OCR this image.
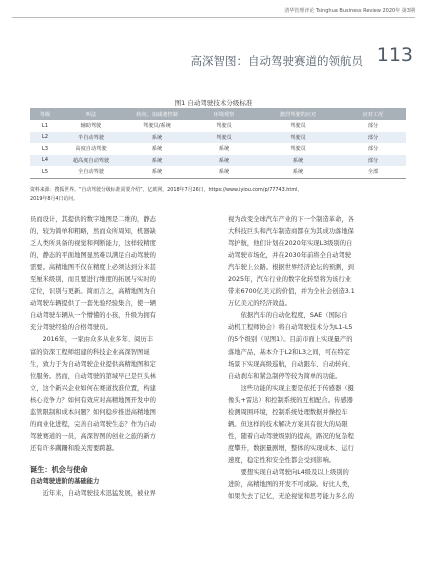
清华管理评论 Tsinghua Business Review 2020年 第3期
高深智图：自动驾驶赛道的领航员 113
图1 自动驾驶技术分级标准
等级	叫法	转向、加减速控制	环境观察	激烈驾驶的应对	应对工况
L1	辅助驾驶	驾驶员/系统	驾驶员	驾驶员	部分
L2	半自动驾驶	系统	驾驶员	驾驶员	部分
L3	高度自动驾驶	系统	系统	驾驶员	部分
L4	超高度自动驾驶	系统	系统	系统	部分
L5	全自动驾驶	系统	系统	系统	全部
资料来源：搜狐世界。“自动驾驶分级标准需要介绍”，亿欧网，2018年7月26日，https://www.iyiou.com/p/77743.html，
2019年8月4日访问。

员而设计，其提供的数字地图是二维的，静态

的，较为简单和粗略，然而众所周知，机器缺

乏人类所具备的视觉和判断能力，这样较精度

的，静态的平面地图显然难以满足自动驾驶的

需要。高精地图不仅在精度上必须达到分米甚

至厘米级别，而且要进行维度的拓展与实时的

定位，识别与更新。简而言之，高精地图为自

动驾驶车辆提供了一套先验经验集合，使一辆

自动驾驶车辆从一个懵懂的小孩，升级为拥有

充分驾驶经验的合格驾驶员。

2016年，一家由众多从业多年、阅历丰

富的资深工程师组建的科技企业高深智图诞

生，致力于为自动驾驶企业提供高精地图和定

位服务。然而，自动驾驶的第域早已是巨头林

立，这个新兴企业如何在赛道找准位置，构建

核心竞争力？如何有效应对高精地图开发中的

监管限制和成本问题？如何稳步推进高精地图

的商业化进程，完善自动驾驶生态？作为自动

驾驶赛道的一员，高深智图的创业之旅的新方

还有许多蹒跚和脸关需要跨越。

诞生：机会与使命
自动驾驶进阶的基础能力

近年来，自动驾驶技术迅猛发展，被业界

视为改变全球汽车产业的下一个制造革命，各

大科技巨头和汽车制造商都在为其成功落地保

驾护航，他们计划在2020年实现L3级别的自

动驾驶市场化，并在2030年前将全自动驾驶

汽车驶上公路。根据世界经济论坛的预测，到

2025年，汽车行业的数字化转型将为该行业

带来6700亿美元的价值，并为全社会创造3.1

万亿美元的经济效益。

依据汽车的自动化程度，SAE（国际自

动机工程师协会）将自动驾驶技术分为L1-L5

的5个级别（见图1）。目前市面上实现量产的

落地产品，基本介于L2和L3之间，可在特定

场景下实现高级巡航，自动跟车、自动转向、

自动刹车和紧急制停等较为简单的功能。

这些功能的实现主要是依托于传感器（摄

像头+雷达）和控制系统的互相配合。传感器

检测周围环境，控制系统处理数据并操控车

辆。但这样的技术解决方案具有很大的局限

性，随着自动驾驶级别的提高，路况的复杂程

度攀升，数据量剧增，整体的实现成本、运行

速度，稳定性和安全性都会受到影响。

要想实现自动驾驶向L4级及以上级别的

进阶，高精地图的开发不可或缺。好比人类，

如果失去了记忆，无论视觉和思考能力多么的
